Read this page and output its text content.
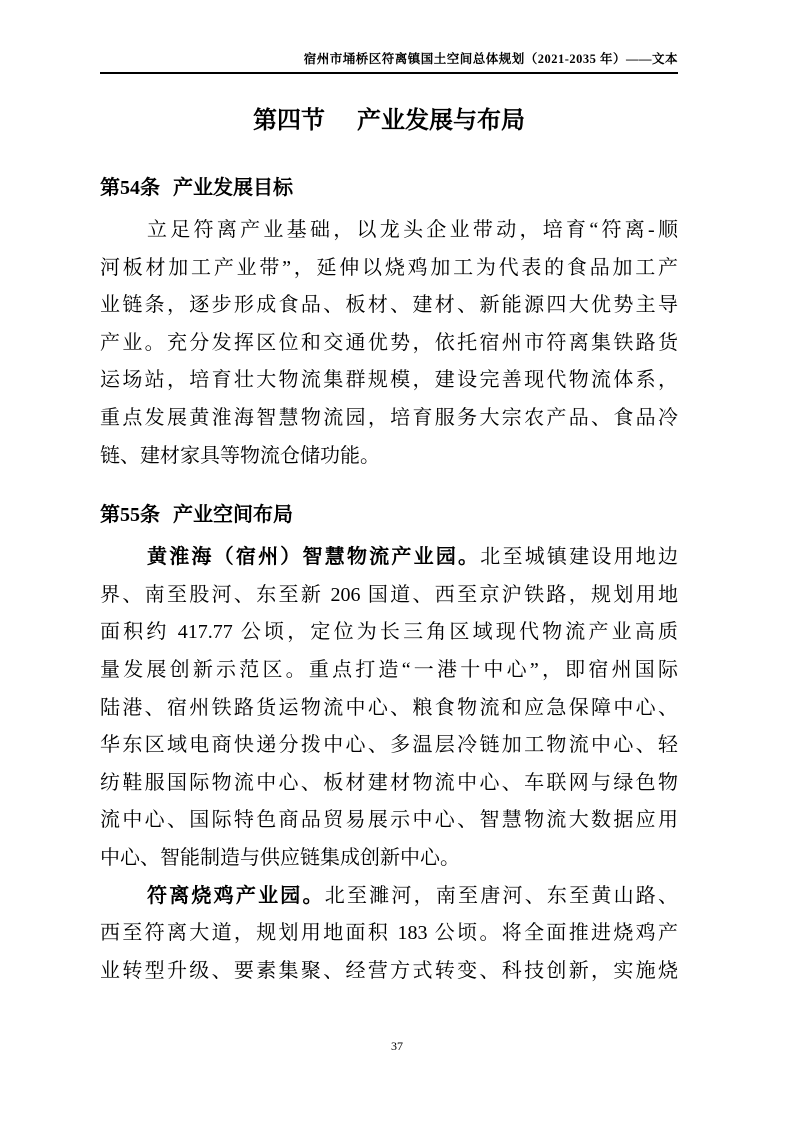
宿州市埇桥区符离镇国土空间总体规划（2021-2035 年）——文本
第四节 产业发展与布局
第54条 产业发展目标
立足符离产业基础，以龙头企业带动，培育“符离-顺
河板材加工产业带”，延伸以烧鸡加工为代表的食品加工产
业链条，逐步形成食品、板材、建材、新能源四大优势主导
产业。充分发挥区位和交通优势，依托宿州市符离集铁路货
运场站，培育壮大物流集群规模，建设完善现代物流体系，
重点发展黄淮海智慧物流园，培育服务大宗农产品、食品冷
链、建材家具等物流仓储功能。
第55条 产业空间布局
黄淮海（宿州）智慧物流产业园。北至城镇建设用地边
界、南至股河、东至新 206 国道、西至京沪铁路，规划用地
面积约 417.77 公顷，定位为长三角区域现代物流产业高质
量发展创新示范区。重点打造“一港十中心”，即宿州国际
陆港、宿州铁路货运物流中心、粮食物流和应急保障中心、
华东区域电商快递分拨中心、多温层冷链加工物流中心、轻
纺鞋服国际物流中心、板材建材物流中心、车联网与绿色物
流中心、国际特色商品贸易展示中心、智慧物流大数据应用
中心、智能制造与供应链集成创新中心。
符离烧鸡产业园。北至濉河，南至唐河、东至黄山路、
西至符离大道，规划用地面积 183 公顷。将全面推进烧鸡产
业转型升级、要素集聚、经营方式转变、科技创新，实施烧
37
